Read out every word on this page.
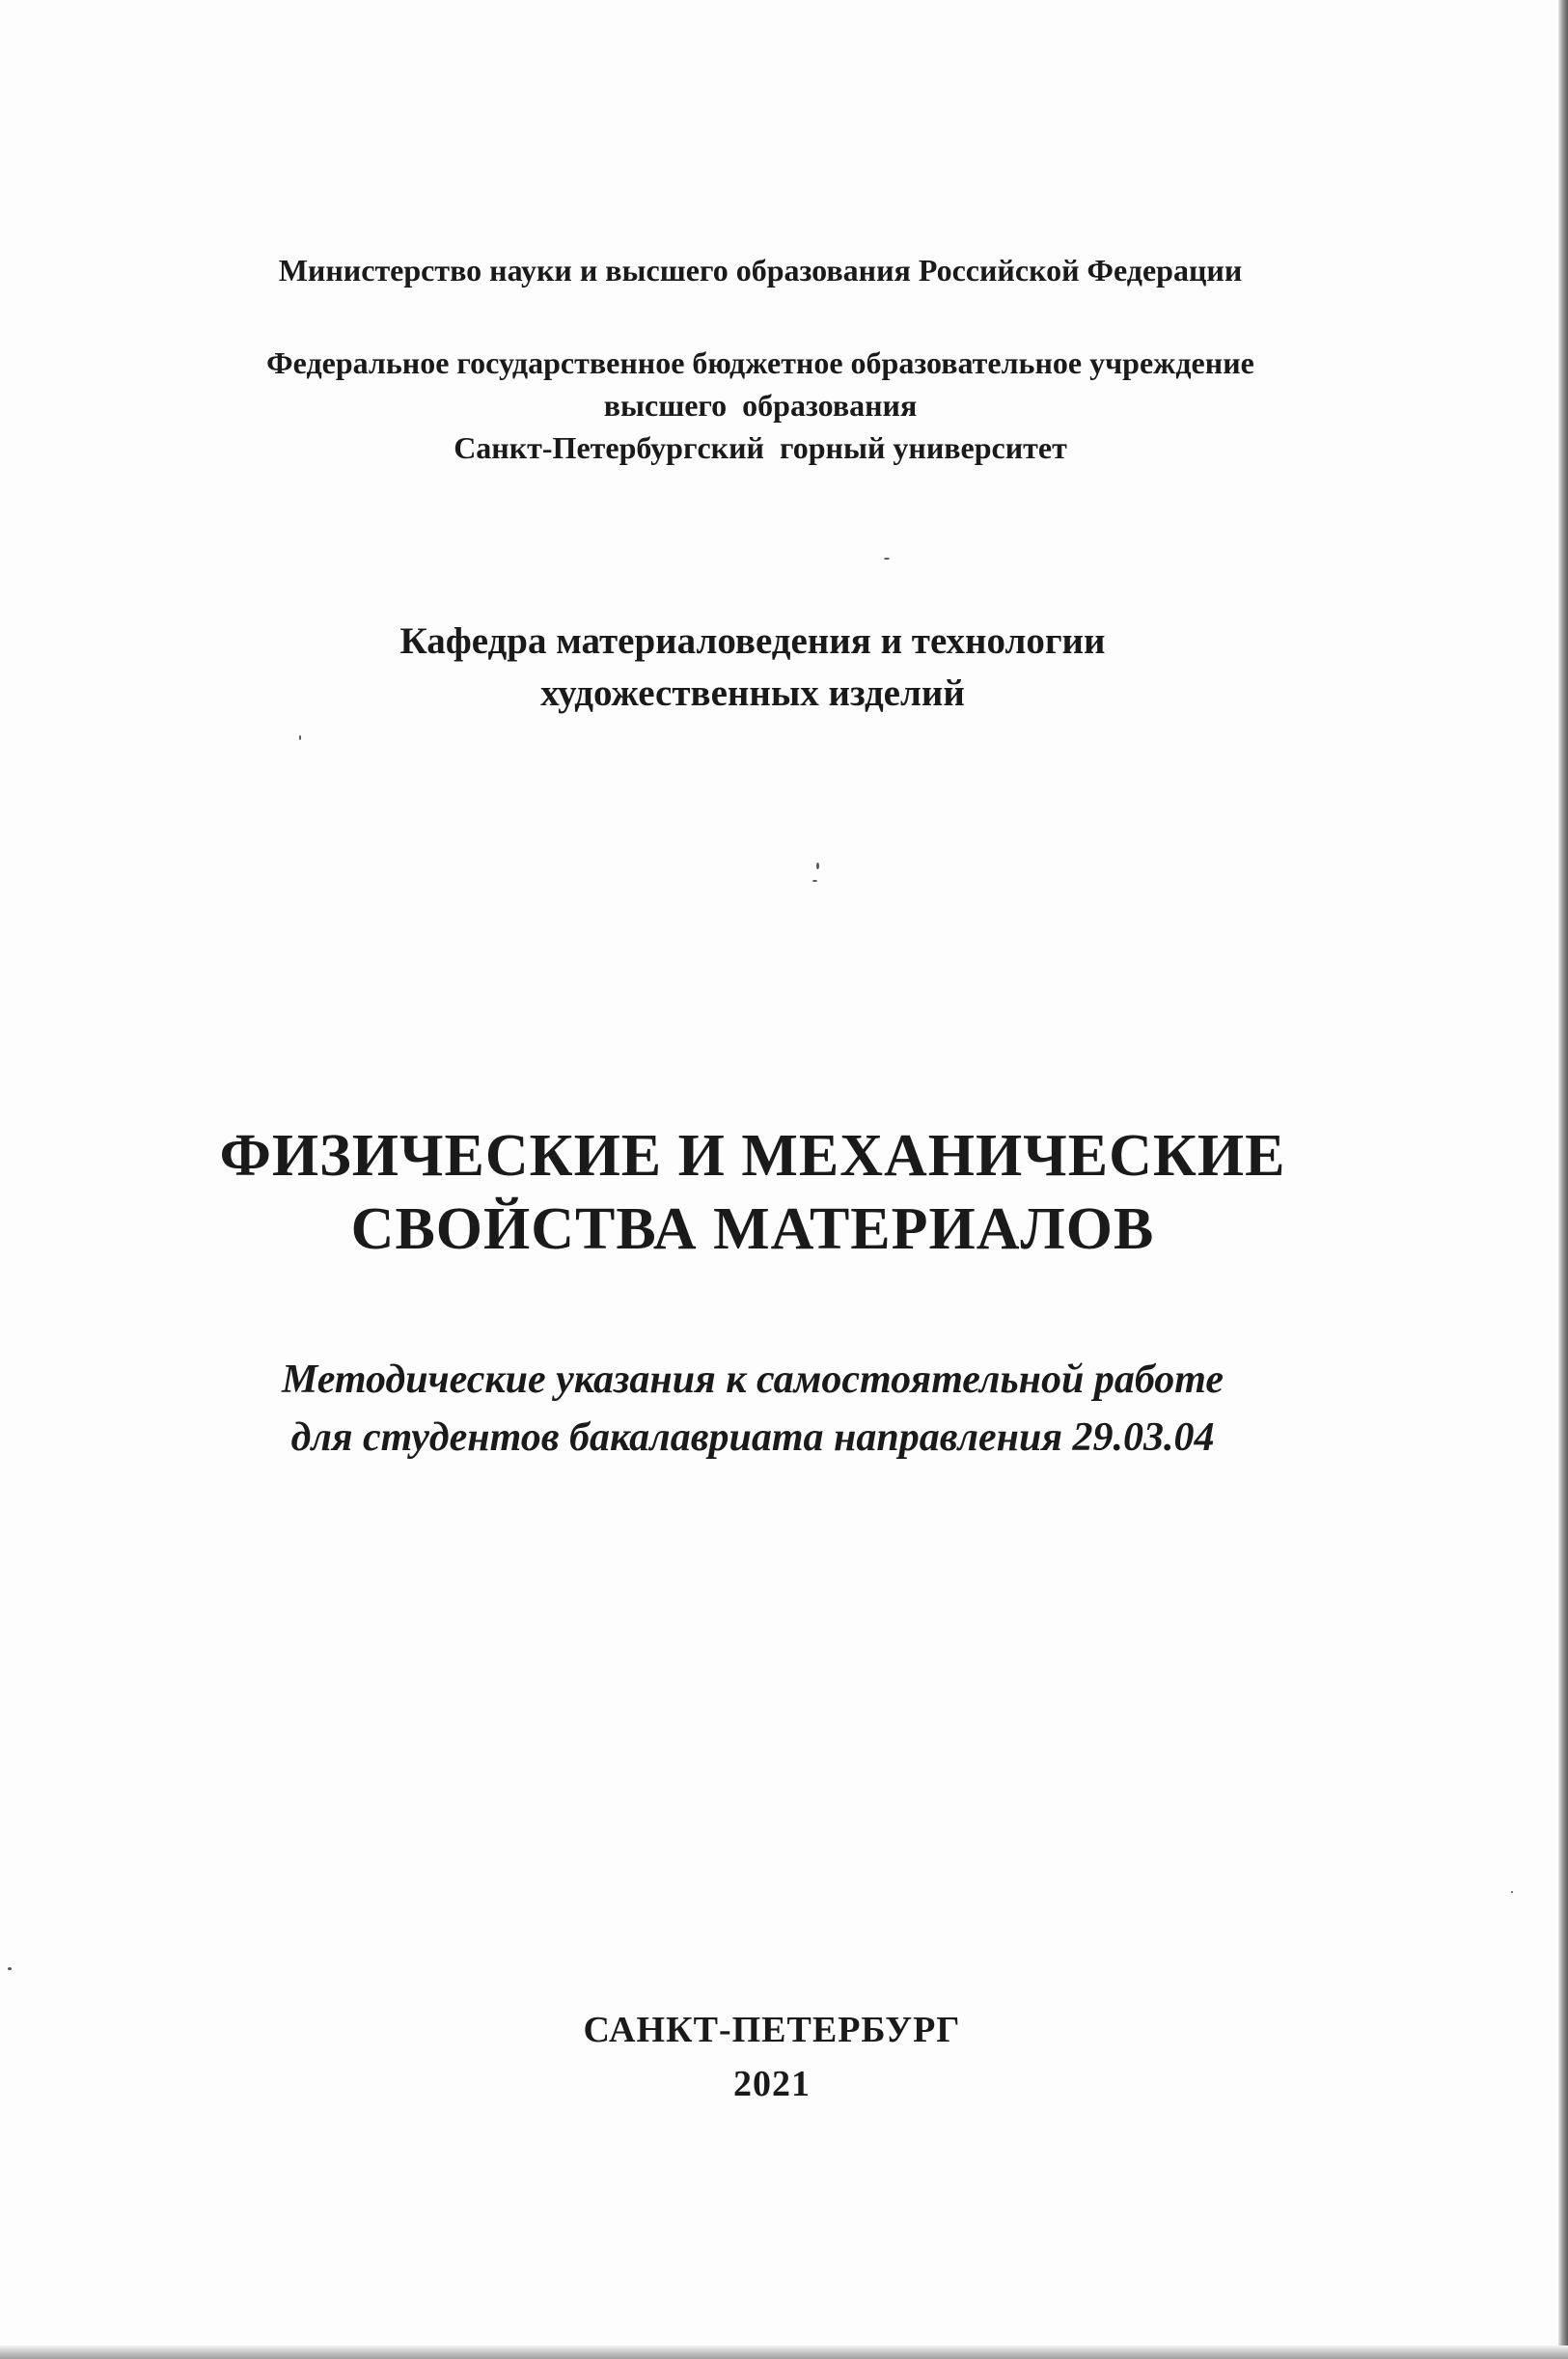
Министерство науки и высшего образования Российской Федерации
Федеральное государственное бюджетное образовательное учреждение
высшего  образования
Санкт-Петербургский  горный университет
Кафедра материаловедения и технологии
художественных изделий
ФИЗИЧЕСКИЕ И МЕХАНИЧЕСКИЕ
СВОЙСТВА МАТЕРИАЛОВ
Методические указания к самостоятельной работе
для студентов бакалавриата направления 29.03.04
САНКТ-ПЕТЕРБУРГ
2021
